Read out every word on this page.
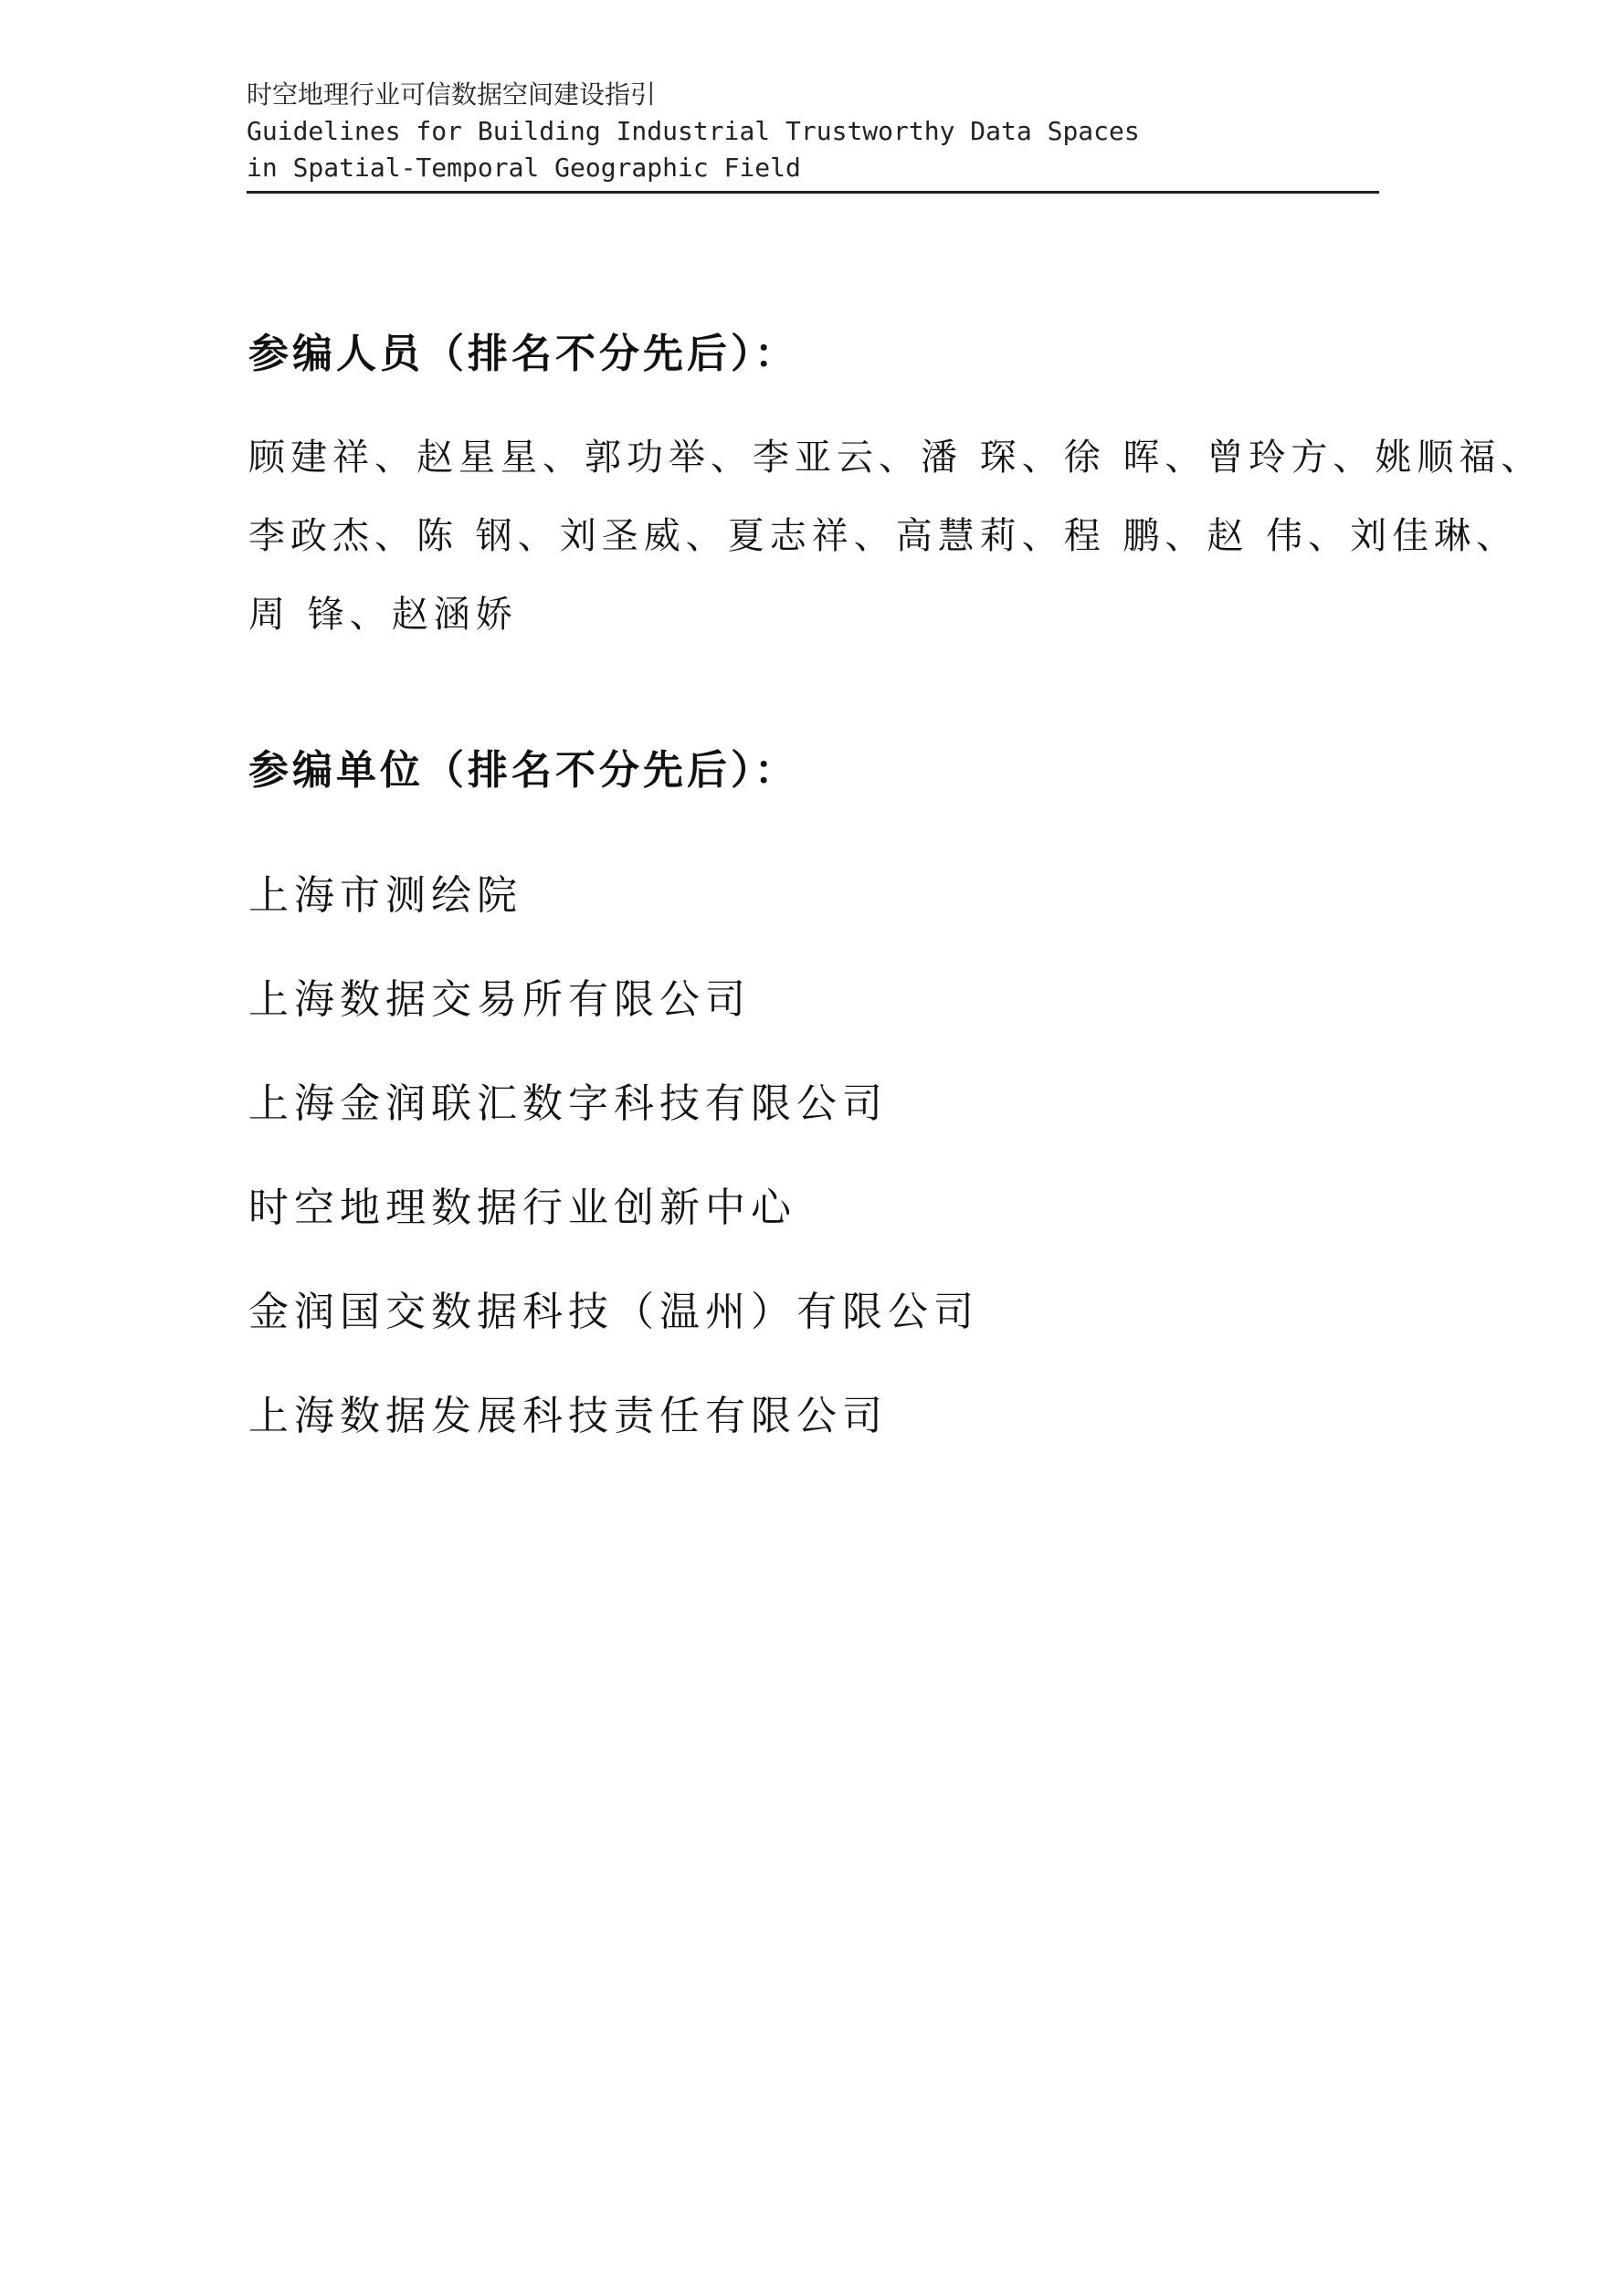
时空地理行业可信数据空间建设指引
Guidelines for Building Industrial Trustworthy Data Spaces
in Spatial-Temporal Geographic Field
参编人员（排名不分先后）：
顾建祥、赵星星、郭功举、李亚云、潘 琛、徐 晖、曾玲方、姚顺福、
李政杰、陈 钢、刘圣威、夏志祥、高慧莉、程 鹏、赵 伟、刘佳琳、
周 锋、赵涵娇
参编单位（排名不分先后）：
上海市测绘院
上海数据交易所有限公司
上海金润联汇数字科技有限公司
时空地理数据行业创新中心
金润国交数据科技（温州）有限公司
上海数据发展科技责任有限公司
